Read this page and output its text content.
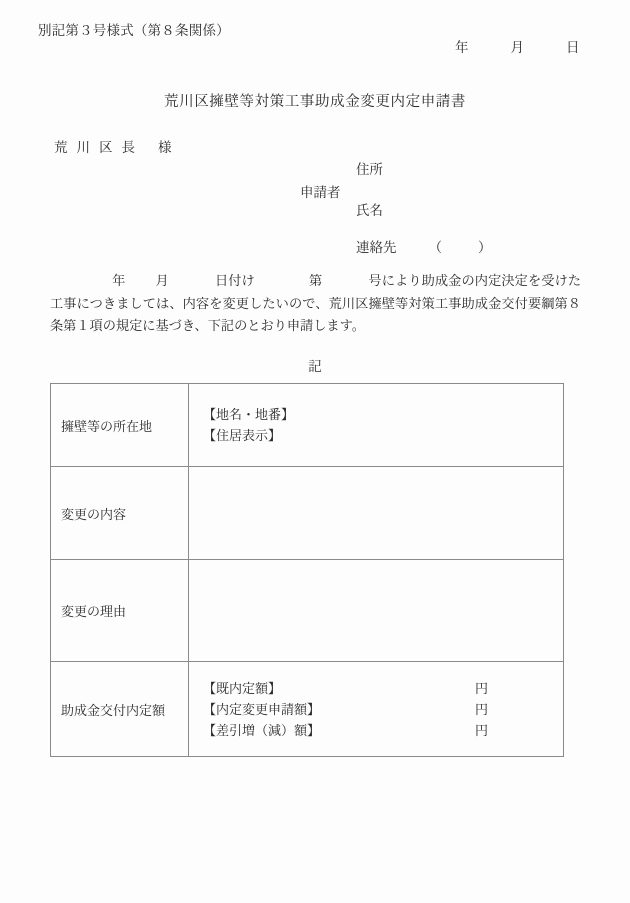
別記第３号様式（第８条関係）
年	月	日
荒川区擁壁等対策工事助成金変更内定申請書
荒川区長 様
申請者
住所
氏名
連絡先 （	）
年 月	日付け	第	号により助成金の内定決定を受けた工事につきましては、内容を変更したいので、荒川区擁壁等対策工事助成金交付要綱第８条第１項の規定に基づき、下記のとおり申請します。
記
擁壁等の所在地	【地名・地番】
【住居表示】

変更の内容	
変更の理由	
助成金交付内定額	
【既内定額】	円
【内定変更申請額】	円
【差引増（減）額】	円
